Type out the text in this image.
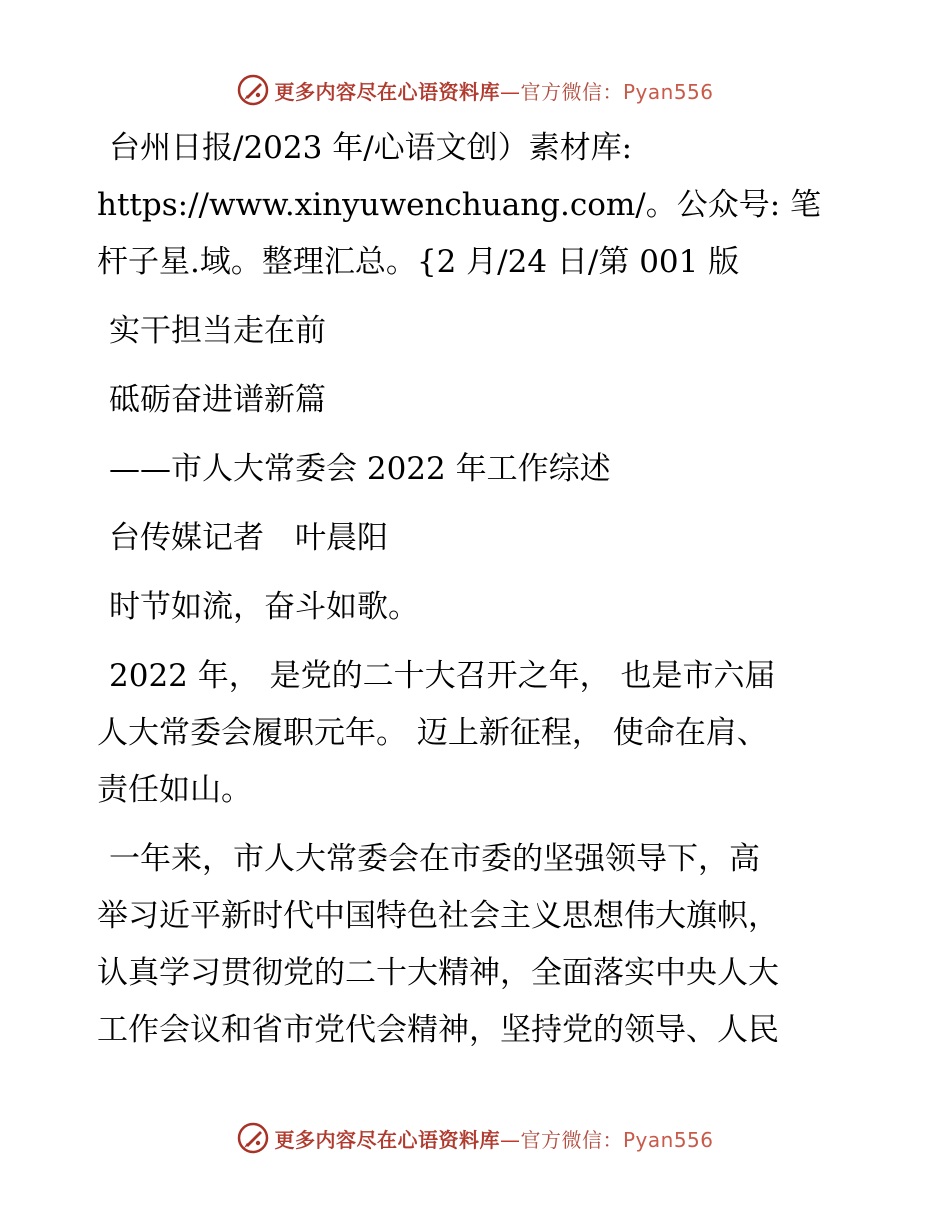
更多内容尽在心语资料库—官方微信：Pyan556
台州日报/2023 年/心语文创）素材库:
https://www.xinyuwenchuang.com/。公众号: 笔
杆子星.域。整理汇总。{2 月/24 日/第 001 版
实干担当走在前
砥砺奋进谱新篇
——市人大常委会 2022 年工作综述
台传媒记者　叶晨阳
时节如流，奋斗如歌。
2022 年， 是党的二十大召开之年， 也是市六届
人大常委会履职元年。 迈上新征程， 使命在肩、
责任如山。
一年来，市人大常委会在市委的坚强领导下，高
举习近平新时代中国特色社会主义思想伟大旗帜，
认真学习贯彻党的二十大精神，全面落实中央人大
工作会议和省市党代会精神，坚持党的领导、人民
更多内容尽在心语资料库—官方微信：Pyan556
